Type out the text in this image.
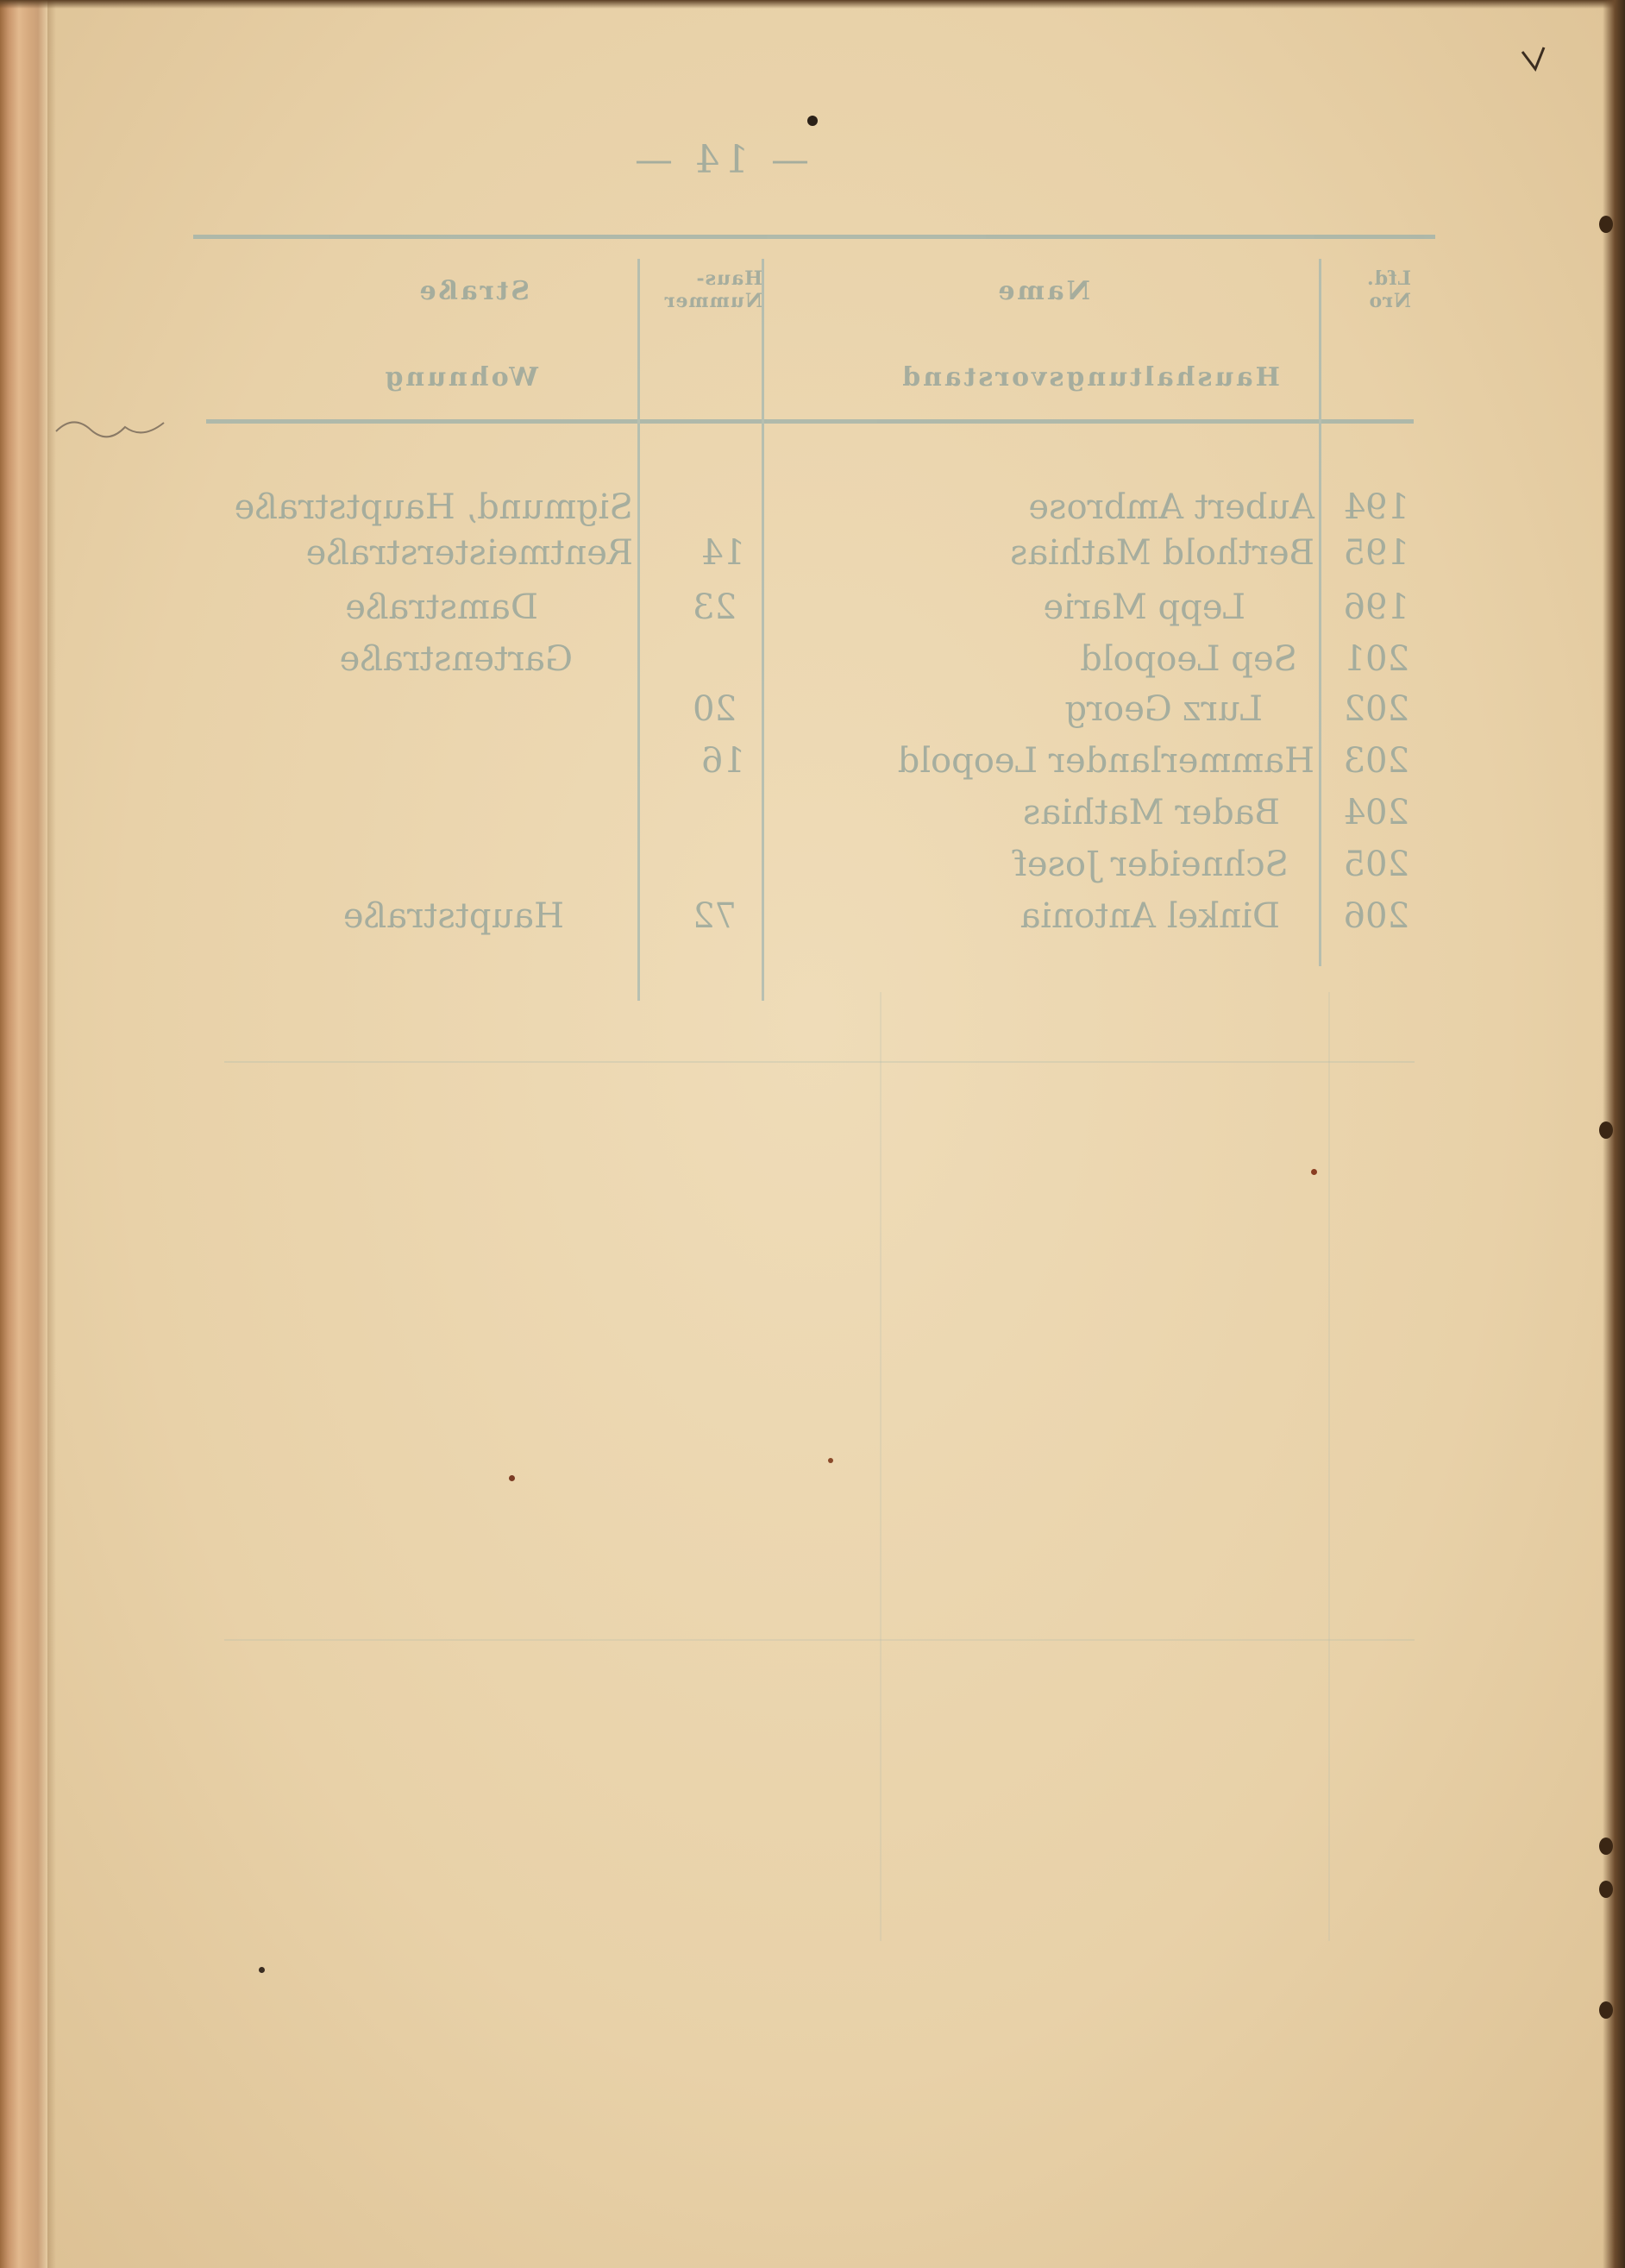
— 14 —
Lfd.
Nro
Name
Haus-
Nummer
Straße
Haushaltungsvorstand
Wohnung
194
Aubert Ambrose
Sigmund, Hauptstraße
195
Berthold Mathias
14
Rentmeisterstraße
196
Lepp Marie
23
Damstraße
201
Sep Leopold
Gartenstraße
202
Lurz Georg
20
203
Hammerlander Leopold
16
204
Bader Mathias
205
Schneider Josef
206
Dinkel Antonia
72
Hauptstraße
